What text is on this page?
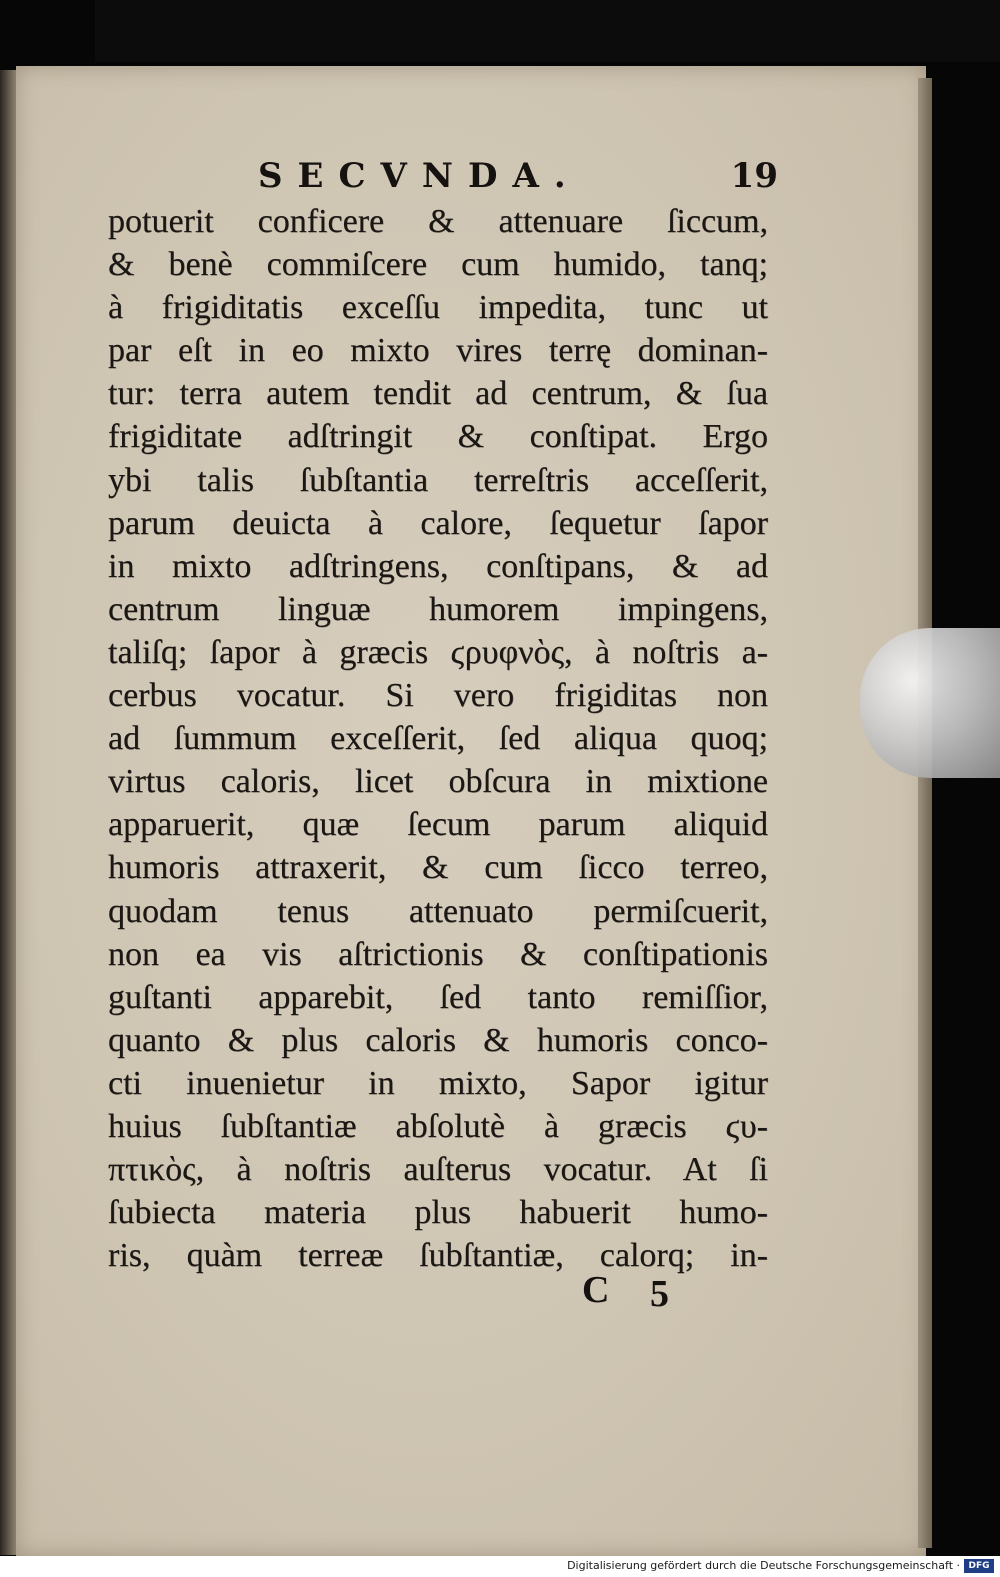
SECVNDA.	19
potuerit conficere & attenuare ſiccum,
& benè commiſcere cum humido, tanq;
à frigiditatis exceſſu impedita, tunc ut
par eſt in eo mixto vires terrę dominan-
tur: terra autem tendit ad centrum, & ſua
frigiditate adſtringit & conſtipat. Ergo
ybi talis ſubſtantia terreſtris acceſſerit,
parum deuicta à calore, ſequetur ſapor
in mixto adſtringens, conſtipans, & ad
centrum linguæ humorem impingens,
taliſq; ſapor à græcis ϛρυφνὸς, à noſtris a-
cerbus vocatur. Si vero frigiditas non
ad ſummum exceſſerit, ſed aliqua quoq;
virtus caloris, licet obſcura in mixtione
apparuerit, quæ ſecum parum aliquid
humoris attraxerit, & cum ſicco terreo,
quodam tenus attenuato permiſcuerit,
non ea vis aſtrictionis & conſtipationis
guſtanti apparebit, ſed tanto remiſſior,
quanto & plus caloris & humoris conco-
cti inuenietur in mixto, Sapor igitur
huius ſubſtantiæ abſolutè à græcis ϛυ-
πτικὸς, à noſtris auſterus vocatur. At ſi
ſubiecta materia plus habuerit humo-
ris, quàm terreæ ſubſtantiæ, calorq; in-
C 5
Digitalisierung gefördert durch die Deutsche Forschungsgemeinschaft · DFG
